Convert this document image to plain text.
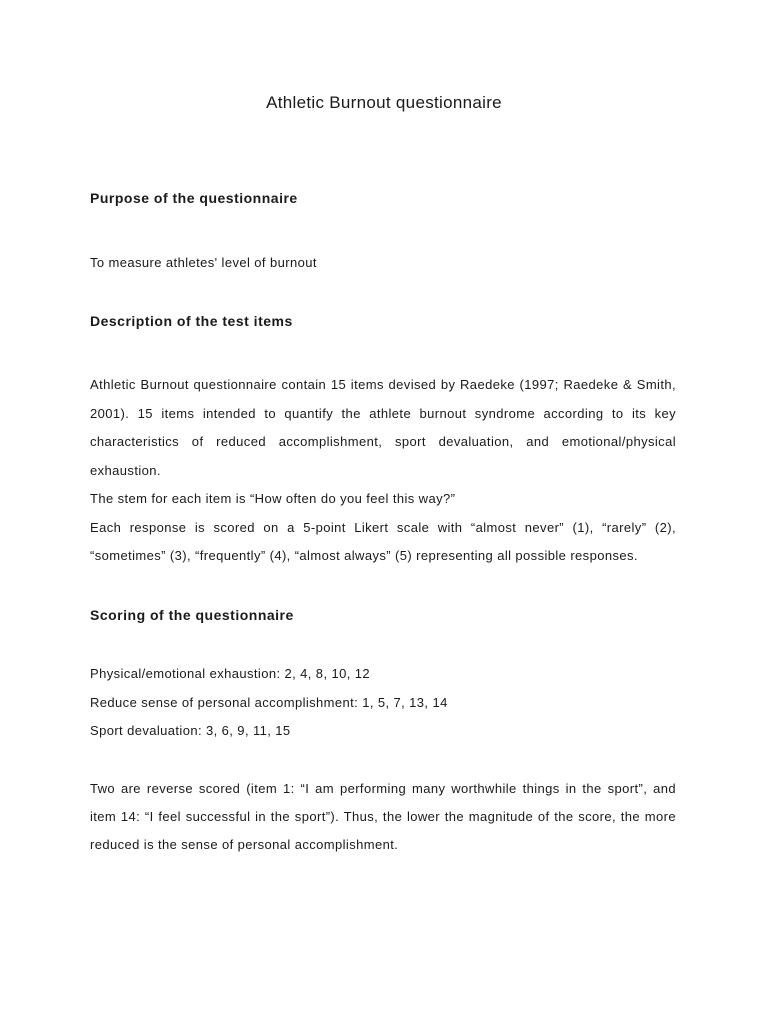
Athletic Burnout questionnaire
Purpose of the questionnaire

To measure athletes' level of burnout

Description of the test items

Athletic Burnout questionnaire contain 15 items devised by Raedeke (1997; Raedeke & Smith,

2001). 15 items intended to quantify the athlete burnout syndrome according to its key

characteristics of reduced accomplishment, sport devaluation, and emotional/physical

exhaustion.

The stem for each item is “How often do you feel this way?”

Each response is scored on a 5-point Likert scale with “almost never” (1), “rarely” (2),

“sometimes” (3), “frequently” (4), “almost always” (5) representing all possible responses.

Scoring of the questionnaire

Physical/emotional exhaustion: 2, 4, 8, 10, 12

Reduce sense of personal accomplishment: 1, 5, 7, 13, 14

Sport devaluation: 3, 6, 9, 11, 15

Two are reverse scored (item 1: “I am performing many worthwhile things in the sport”, and

item 14: “I feel successful in the sport”). Thus, the lower the magnitude of the score, the more

reduced is the sense of personal accomplishment.
